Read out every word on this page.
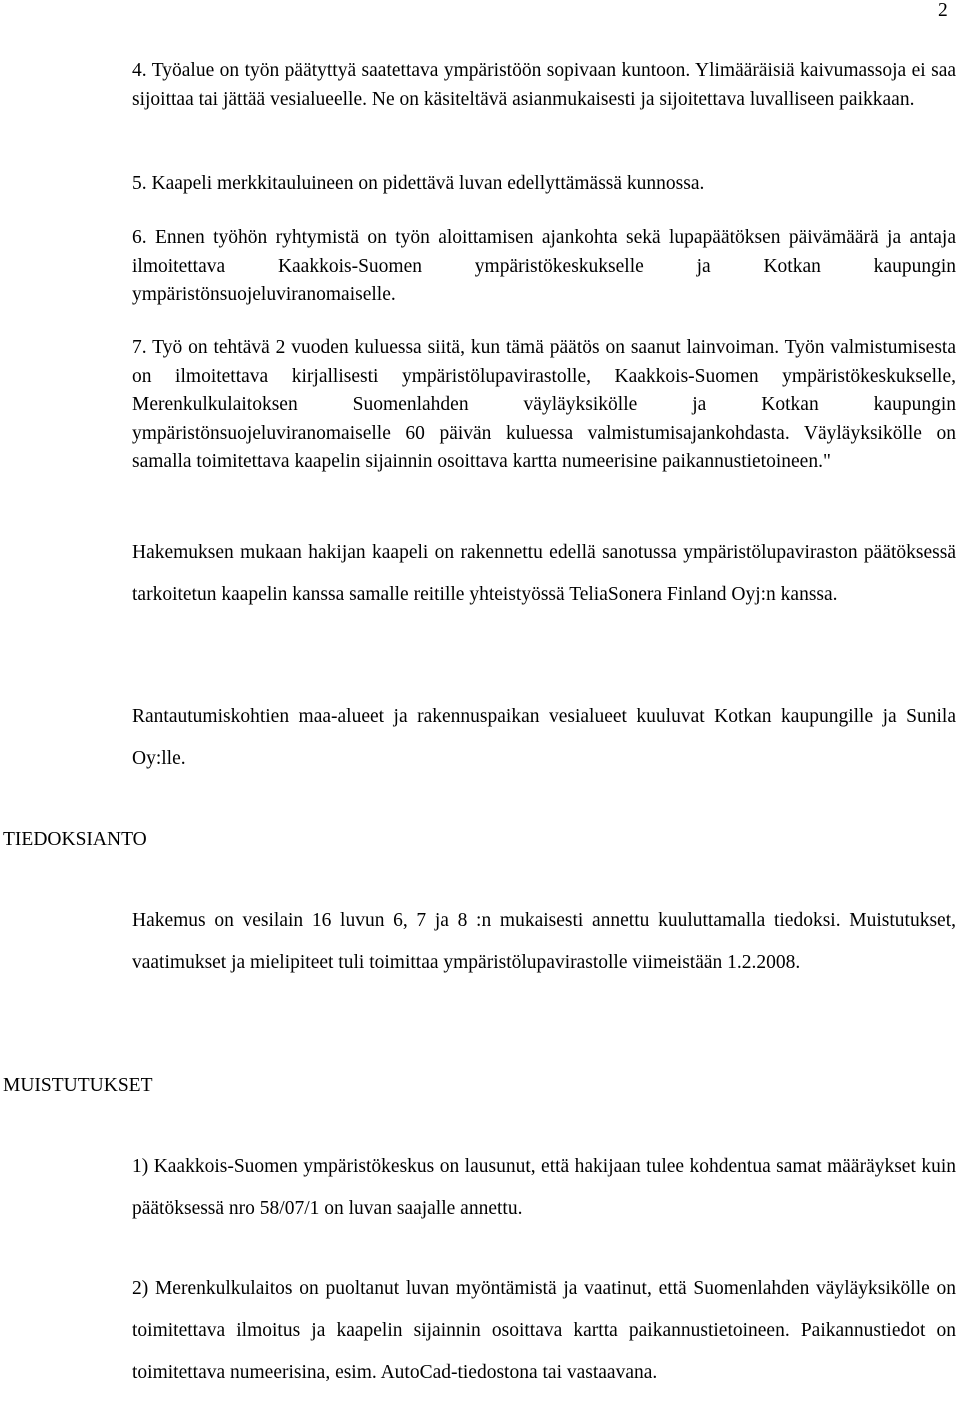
2
4. Työalue on työn päätyttyä saatettava ympäristöön sopivaan kuntoon. Ylimääräisiä kaivumassoja ei saa sijoittaa tai jättää vesialueelle. Ne on käsiteltävä asianmukaisesti ja sijoitettava luvalliseen paikkaan.
5. Kaapeli merkkitauluineen on pidettävä luvan edellyttämässä kunnossa.
6. Ennen työhön ryhtymistä on työn aloittamisen ajankohta sekä lupapäätöksen päivämäärä ja antaja ilmoitettava Kaakkois-Suomen ympäristökeskukselle ja Kotkan kaupungin ympäristönsuojeluviranomaiselle.
7. Työ on tehtävä 2 vuoden kuluessa siitä, kun tämä päätös on saanut lainvoiman. Työn valmistumisesta on ilmoitettava kirjallisesti ympäristölupavirastolle, Kaakkois-Suomen ympäristökeskukselle, Merenkulkulaitoksen Suomenlahden väyläyksikölle ja Kotkan kaupungin ympäristönsuojeluviranomaiselle 60 päivän kuluessa valmistumisajankohdasta. Väyläyksikölle on samalla toimitettava kaapelin sijainnin osoittava kartta numeerisine paikannustietoineen."
Hakemuksen mukaan hakijan kaapeli on rakennettu edellä sanotussa ympäristölupaviraston päätöksessä tarkoitetun kaapelin kanssa samalle reitille yhteistyössä TeliaSonera Finland Oyj:n kanssa.
Rantautumiskohtien maa-alueet ja rakennuspaikan vesialueet kuuluvat Kotkan kaupungille ja Sunila Oy:lle.
TIEDOKSIANTO
Hakemus on vesilain 16 luvun 6, 7 ja 8 :n mukaisesti annettu kuuluttamalla tiedoksi. Muistutukset, vaatimukset ja mielipiteet tuli toimittaa ympäristölupavirastolle viimeistään 1.2.2008.
MUISTUTUKSET
1) Kaakkois-Suomen ympäristökeskus on lausunut, että hakijaan tulee kohdentua samat määräykset kuin päätöksessä nro 58/07/1 on luvan saajalle annettu.
2) Merenkulkulaitos on puoltanut luvan myöntämistä ja vaatinut, että Suomenlahden väyläyksikölle on toimitettava ilmoitus ja kaapelin sijainnin osoittava kartta paikannustietoineen. Paikannustiedot on toimitettava numeerisina, esim. AutoCad-tiedostona tai vastaavana.
